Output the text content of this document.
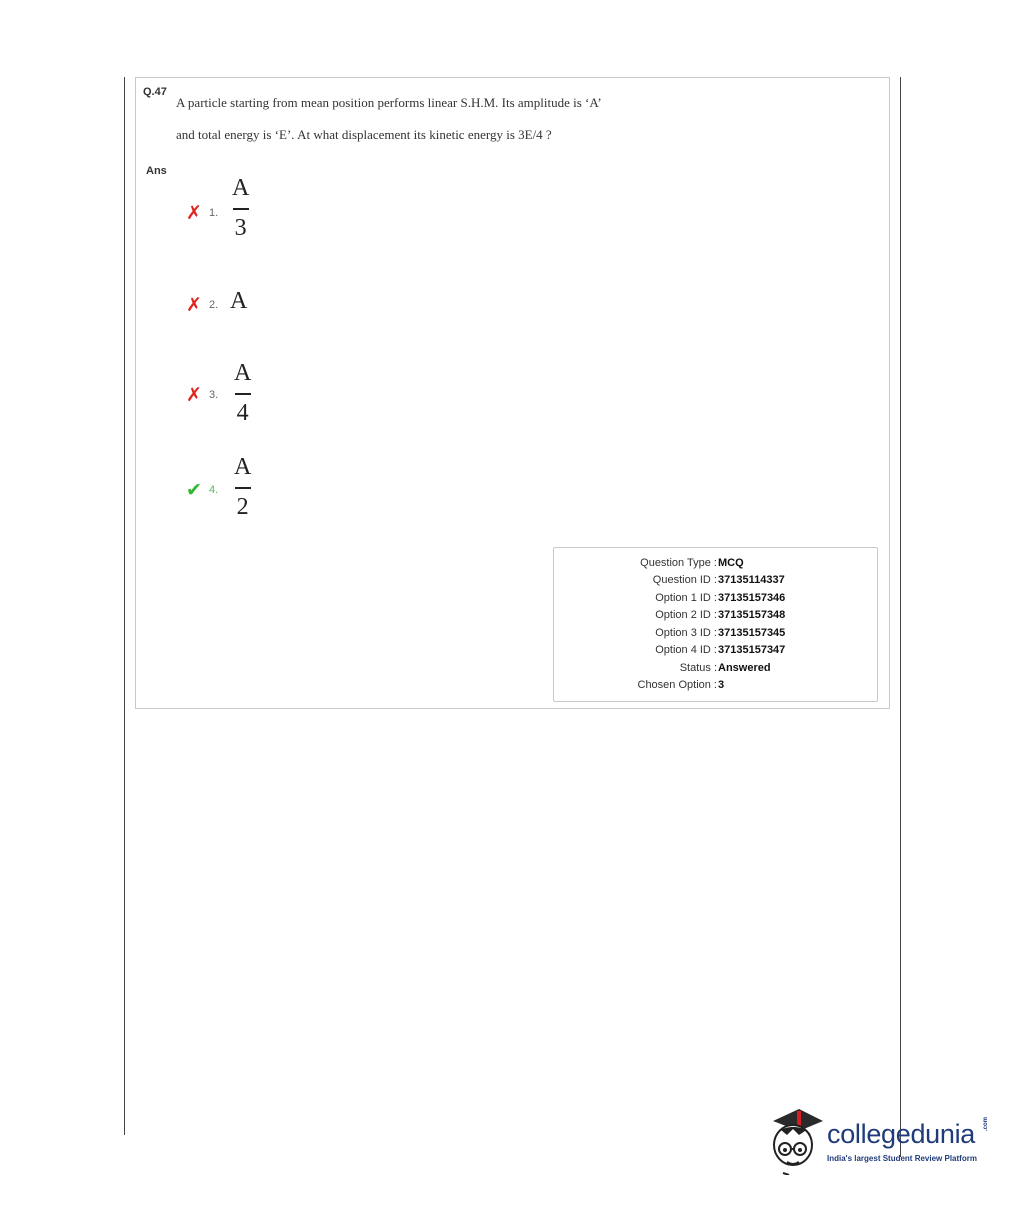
Q.47
A particle starting from mean position performs linear S.H.M. Its amplitude is ‘A’
and total energy is ‘E’. At what displacement its kinetic energy is 3E/4 ?
Ans
✗ 1.
A
3
✗ 2. A
✗ 3.
A
4
✔ 4.
A
2
Question Type : MCQ
Question ID : 37135114337
Option 1 ID : 37135157346
Option 2 ID : 37135157348
Option 3 ID : 37135157345
Option 4 ID : 37135157347
Status : Answered
Chosen Option : 3
collegedunia .com
India's largest Student Review Platform
